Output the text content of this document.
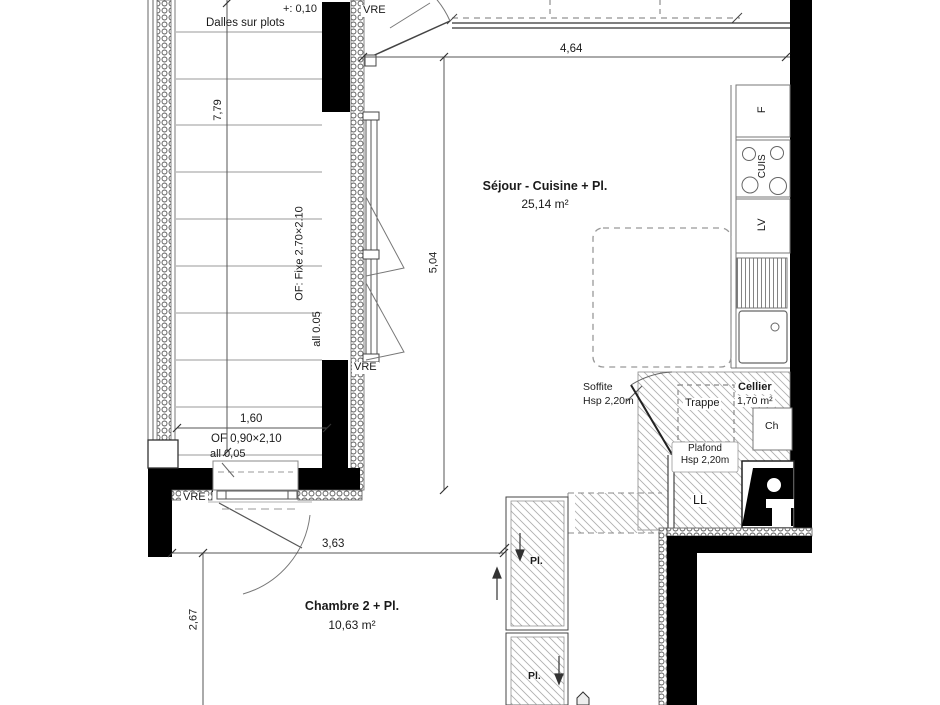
+: 0,10
Dalles sur plots
7,79
VRE
4,64
Séjour - Cuisine + Pl.
25,14 m²
OF: Fixe 2.70×2.10
all 0.05
VRE
5,04
F
CUIS
LV
Soffite
Hsp 2,20m	Trappe
Cellier
1,70 m²
Ch
Plafond
Hsp 2,20m
LL
1,60
OF 0,90×2,10
all 0,05
VRE
3,63
2,67
Chambre 2 + Pl.
10,63 m²
Pl.
Pl.
